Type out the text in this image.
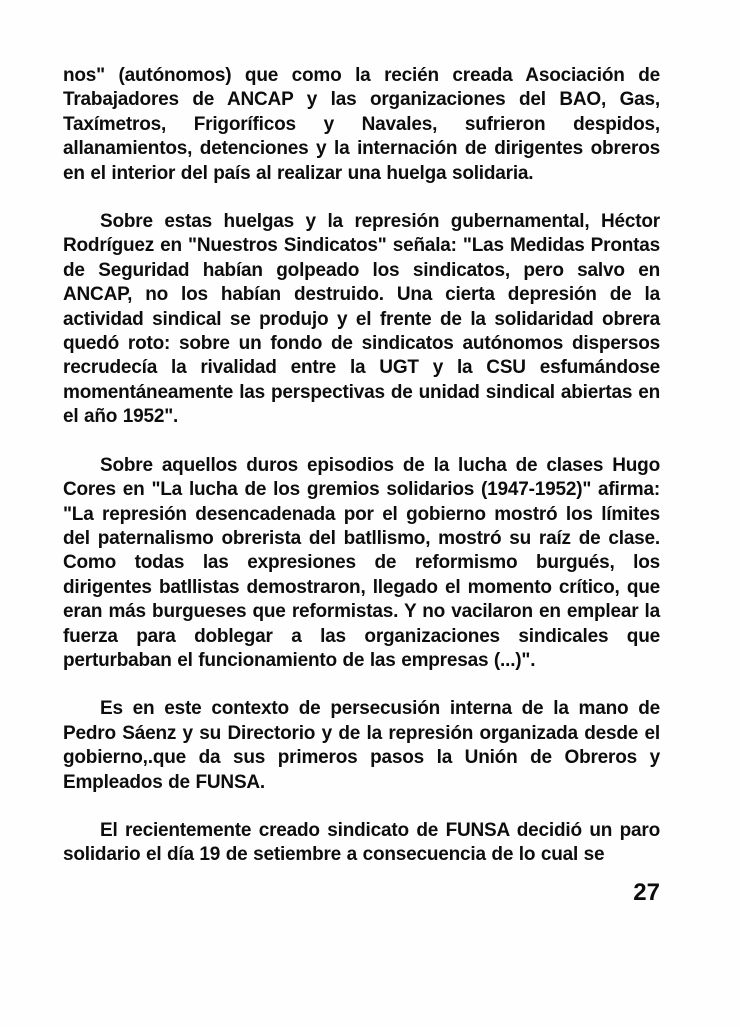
nos" (autónomos) que como la recién creada Asociación de Trabajadores de ANCAP y las organizaciones del BAO, Gas, Taxímetros, Frigoríficos y Navales, sufrieron despidos, allanamientos, detenciones y la internación de dirigentes obreros en el interior del país al realizar una huelga solidaria.

Sobre estas huelgas y la represión gubernamental, Héctor Rodríguez en "Nuestros Sindicatos" señala: "Las Medidas Prontas de Seguridad habían golpeado los sindicatos, pero salvo en ANCAP, no los habían destruido. Una cierta depresión de la actividad sindical se produjo y el frente de la solidaridad obrera quedó roto: sobre un fondo de sindicatos autónomos dispersos recrudecía la rivalidad entre la UGT y la CSU esfumándose momentáneamente las perspectivas de unidad sindical abiertas en el año 1952".

Sobre aquellos duros episodios de la lucha de clases Hugo Cores en "La lucha de los gremios solidarios (1947-1952)" afirma: "La represión desencadenada por el gobierno mostró los límites del paternalismo obrerista del batllismo, mostró su raíz de clase. Como todas las expresiones de reformismo burgués, los dirigentes batllistas demostraron, llegado el momento crítico, que eran más burgueses que reformistas. Y no vacilaron en emplear la fuerza para doblegar a las organizaciones sindicales que perturbaban el funcionamiento de las empresas (...)".

Es en este contexto de persecusión interna de la mano de Pedro Sáenz y su Directorio y de la represión organizada desde el gobierno,.que da sus primeros pasos la Unión de Obreros y Empleados de FUNSA.

El recientemente creado sindicato de FUNSA decidió un paro solidario el día 19 de setiembre a consecuencia de lo cual se

27
